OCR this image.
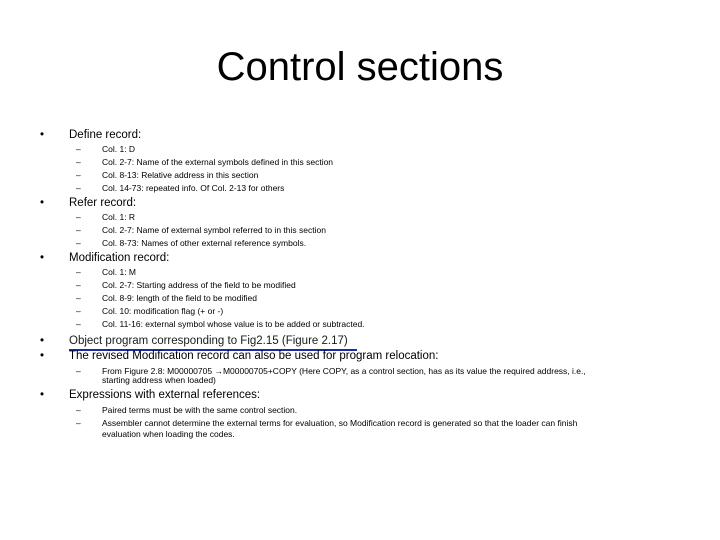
Control sections
• Define record:
–	Col. 1: D
–	Col. 2-7: Name of the external symbols defined in this section
–	Col. 8-13: Relative address in this section
–	Col. 14-73: repeated info. Of Col. 2-13 for others
• Refer record:
–	Col. 1: R
–	Col. 2-7: Name of external symbol referred to in this section
–	Col. 8-73: Names of other external reference symbols.
• Modification record:
–	Col. 1: M
–	Col. 2-7: Starting address of the field to be modified
–	Col. 8-9: length of the field to be modified
–	Col. 10: modification flag (+ or -)
–	Col. 11-16: external symbol whose value is to be added or subtracted.
• Object program corresponding to Fig2.15 (Figure 2.17)
• The revised Modification record can also be used for program relocation:
–	From Figure 2.8: M00000705 →M00000705+COPY (Here COPY, as a control section, has as its value the required address, i.e.,
starting address when loaded)
• Expressions with external references:
–	Paired terms must be with the same control section.
–	Assembler cannot determine the external terms for evaluation, so Modification record is generated so that the loader can finish
evaluation when loading the codes.
